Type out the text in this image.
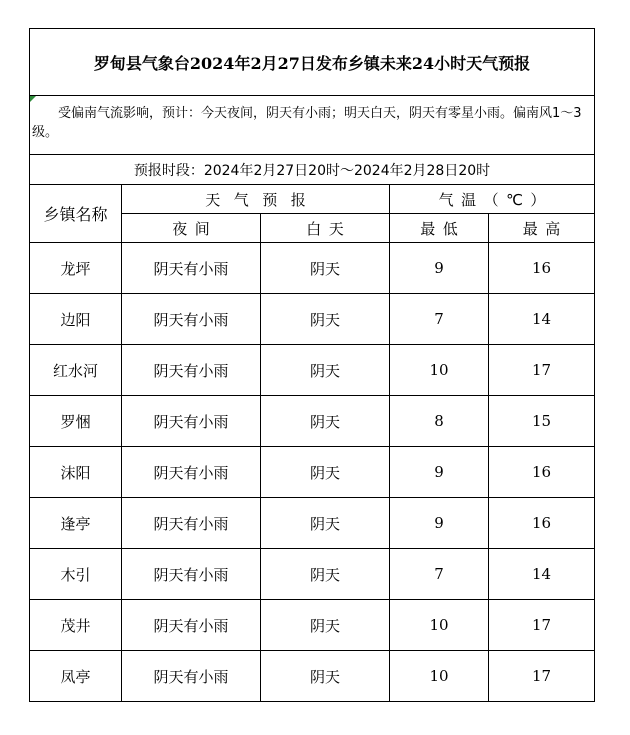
罗甸县气象台2024年2月27日发布乡镇未来24小时天气预报				

受偏南气流影响，预计：今天夜间，阴天有小雨；明天白天，阴天有零星小雨。偏南风1～3级。				

预报时段：2024年2月27日20时～2024年2月28日20时				
乡镇名称	天气预报		气温（℃）	
	夜间	白天	最低	最高
龙坪	阴天有小雨	阴天	9	16
边阳	阴天有小雨	阴天	7	14
红水河	阴天有小雨	阴天	10	17
罗悃	阴天有小雨	阴天	8	15
沫阳	阴天有小雨	阴天	9	16
逢亭	阴天有小雨	阴天	9	16
木引	阴天有小雨	阴天	7	14
茂井	阴天有小雨	阴天	10	17
凤亭	阴天有小雨	阴天	10	17
